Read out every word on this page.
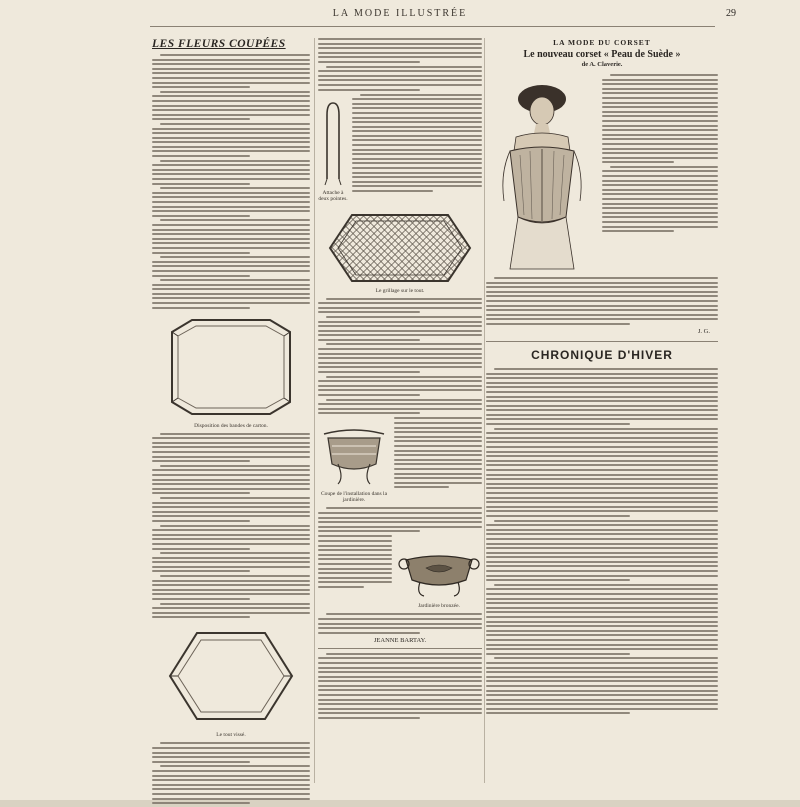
LA MODE ILLUSTRÉE	29
LES FLEURS COUPÉES
Disposition des bandes de carton.
Le tout vissé.
Attache à deux pointes.
Le grillage sur le tout.
Coupe de l'installation dans la jardinière.
Jardinière bronzée.
JEANNE BARTAY.
LA MODE DU CORSET
Le nouveau corset « Peau de Suède »
de A. Claverie.
J. G.
CHRONIQUE D'HIVER
